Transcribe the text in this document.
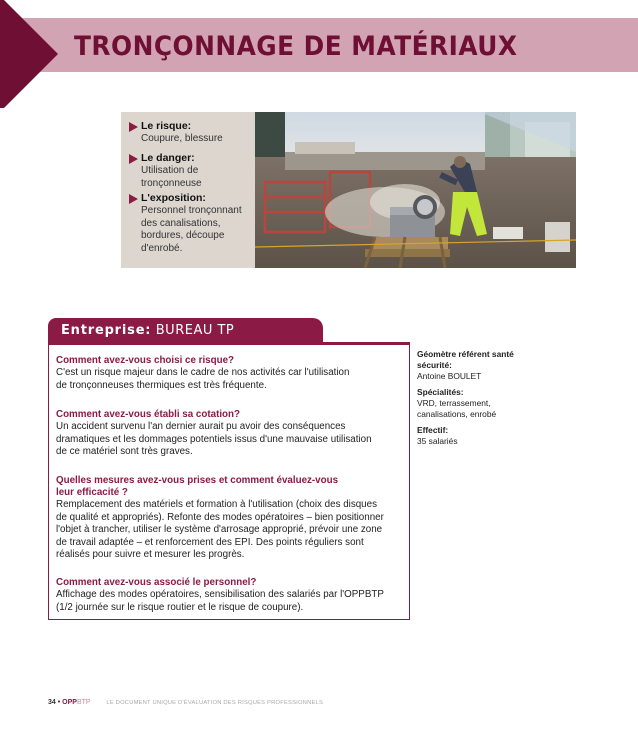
TRONÇONNAGE DE MATÉRIAUX
Le risque:
Coupure, blessure
Le danger:
Utilisation de
tronçonneuse
L'exposition:
Personnel tronçonnant
des canalisations,
bordures, découpe
d'enrobé.
Entreprise: BUREAU TP
Comment avez-vous choisi ce risque?
C'est un risque majeur dans le cadre de nos activités car l'utilisation
de tronçonneuses thermiques est très fréquente.
Comment avez-vous établi sa cotation?
Un accident survenu l'an dernier aurait pu avoir des conséquences
dramatiques et les dommages potentiels issus d'une mauvaise utilisation
de ce matériel sont très graves.
Quelles mesures avez-vous prises et comment évaluez-vous
leur efficacité ?
Remplacement des matériels et formation à l'utilisation (choix des disques
de qualité et appropriés). Refonte des modes opératoires – bien positionner
l'objet à trancher, utiliser le système d'arrosage approprié, prévoir une zone
de travail adaptée – et renforcement des EPI. Des points réguliers sont
réalisés pour suivre et mesurer les progrès.
Comment avez-vous associé le personnel?
Affichage des modes opératoires, sensibilisation des salariés par l'OPPBTP
(1/2 journée sur le risque routier et le risque de coupure).
Géomètre référent santé
sécurité:
Antoine BOULET
Spécialités:
VRD, terrassement,
canalisations, enrobé
Effectif:
35 salariés
34 • OPPBTP	LE DOCUMENT UNIQUE D'ÉVALUATION DES RISQUES PROFESSIONNELS
